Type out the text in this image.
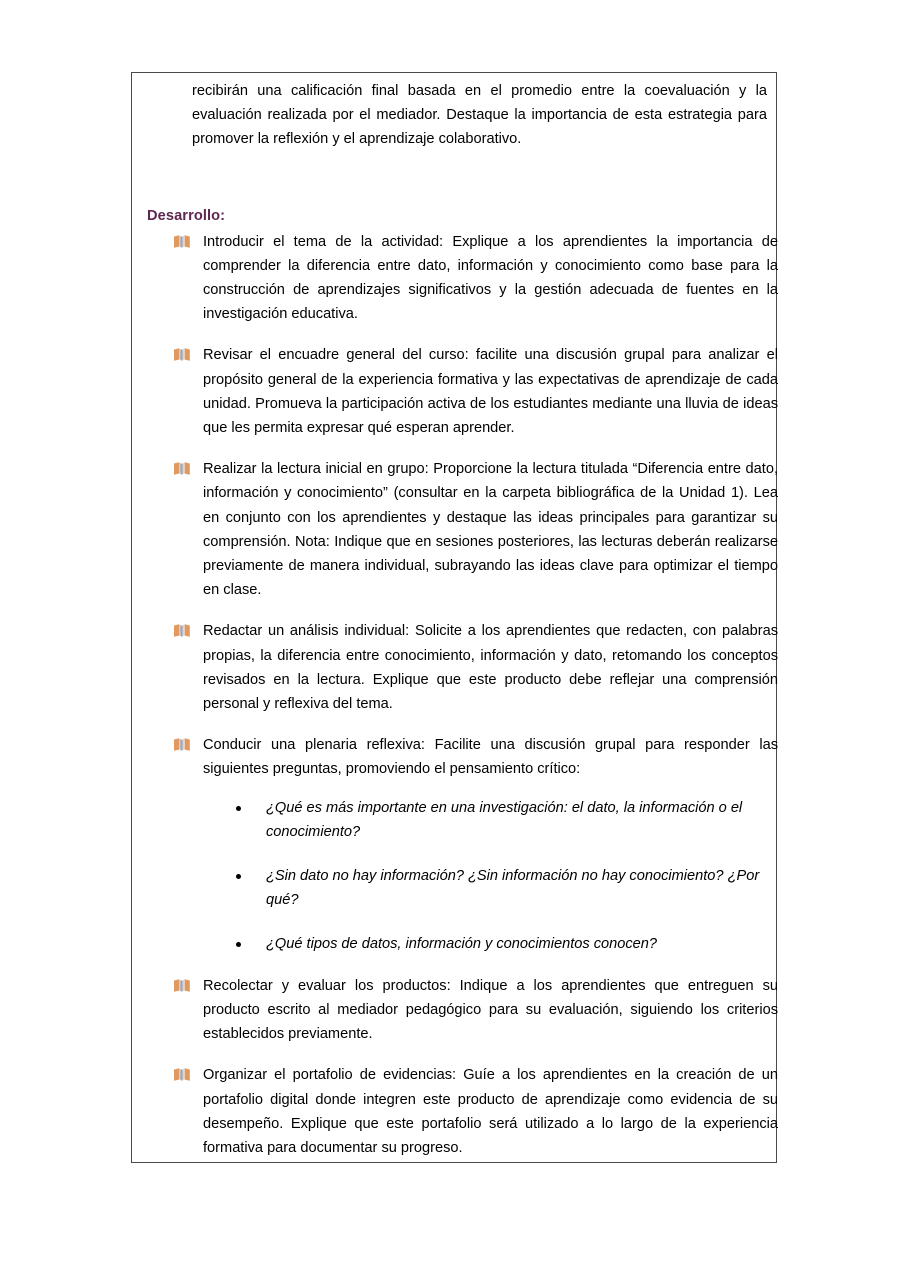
recibirán una calificación final basada en el promedio entre la coevaluación y la evaluación realizada por el mediador. Destaque la importancia de esta estrategia para promover la reflexión y el aprendizaje colaborativo.

Desarrollo:
Introducir el tema de la actividad: Explique a los aprendientes la importancia de comprender la diferencia entre dato, información y conocimiento como base para la construcción de aprendizajes significativos y la gestión adecuada de fuentes en la investigación educativa.
Revisar el encuadre general del curso: facilite una discusión grupal para analizar el propósito general de la experiencia formativa y las expectativas de aprendizaje de cada unidad. Promueva la participación activa de los estudiantes mediante una lluvia de ideas que les permita expresar qué esperan aprender.
Realizar la lectura inicial en grupo: Proporcione la lectura titulada “Diferencia entre dato, información y conocimiento” (consultar en la carpeta bibliográfica de la Unidad 1). Lea en conjunto con los aprendientes y destaque las ideas principales para garantizar su comprensión. Nota: Indique que en sesiones posteriores, las lecturas deberán realizarse previamente de manera individual, subrayando las ideas clave para optimizar el tiempo en clase.
Redactar un análisis individual: Solicite a los aprendientes que redacten, con palabras propias, la diferencia entre conocimiento, información y dato, retomando los conceptos revisados en la lectura. Explique que este producto debe reflejar una comprensión personal y reflexiva del tema.
Conducir una plenaria reflexiva: Facilite una discusión grupal para responder las siguientes preguntas, promoviendo el pensamiento crítico:
¿Qué es más importante en una investigación: el dato, la información o el conocimiento?
¿Sin dato no hay información? ¿Sin información no hay conocimiento? ¿Por qué?
¿Qué tipos de datos, información y conocimientos conocen?
Recolectar y evaluar los productos: Indique a los aprendientes que entreguen su producto escrito al mediador pedagógico para su evaluación, siguiendo los criterios establecidos previamente.
Organizar el portafolio de evidencias: Guíe a los aprendientes en la creación de un portafolio digital donde integren este producto de aprendizaje como evidencia de su desempeño. Explique que este portafolio será utilizado a lo largo de la experiencia formativa para documentar su progreso.
